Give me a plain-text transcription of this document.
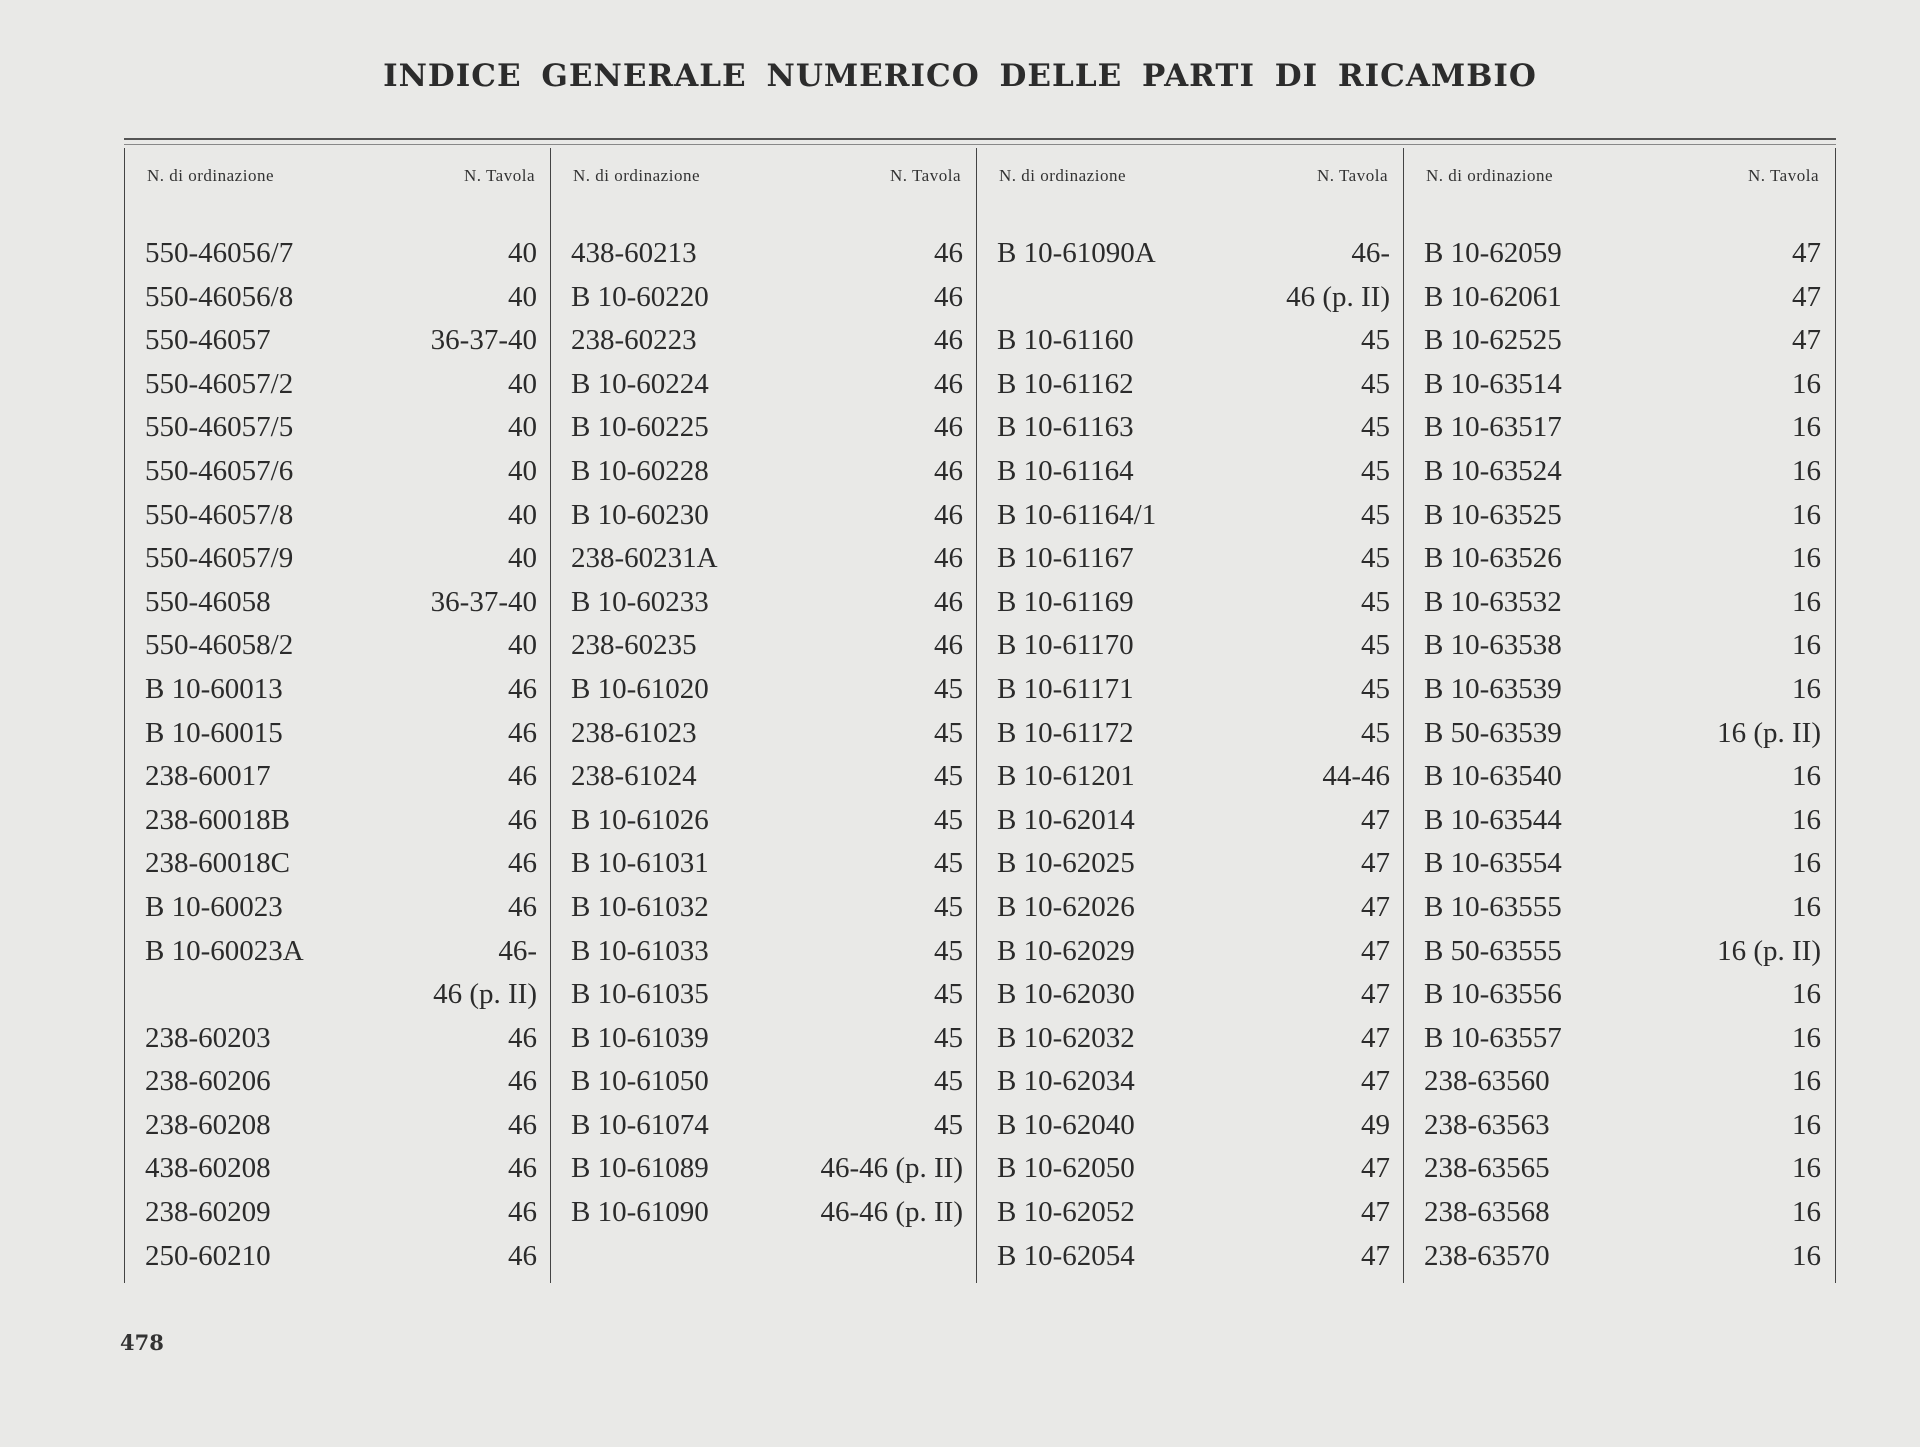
INDICE GENERALE NUMERICO DELLE PARTI DI RICAMBIO
N. di ordinazione	N. Tavola
550-46056/7	40
550-46056/8	40
550-46057	36-37-40
550-46057/2	40
550-46057/5	40
550-46057/6	40
550-46057/8	40
550-46057/9	40
550-46058	36-37-40
550-46058/2	40
B 10-60013	46
B 10-60015	46
238-60017	46
238-60018B	46
238-60018C	46
B 10-60023	46
B 10-60023A	46-
46 (p. II)
238-60203	46
238-60206	46
238-60208	46
438-60208	46
238-60209	46
250-60210	46
N. di ordinazione	N. Tavola
438-60213	46
B 10-60220	46
238-60223	46
B 10-60224	46
B 10-60225	46
B 10-60228	46
B 10-60230	46
238-60231A	46
B 10-60233	46
238-60235	46
B 10-61020	45
238-61023	45
238-61024	45
B 10-61026	45
B 10-61031	45
B 10-61032	45
B 10-61033	45
B 10-61035	45
B 10-61039	45
B 10-61050	45
B 10-61074	45
B 10-61089	46-46 (p. II)
B 10-61090	46-46 (p. II)
N. di ordinazione	N. Tavola
B 10-61090A	46-
46 (p. II)
B 10-61160	45
B 10-61162	45
B 10-61163	45
B 10-61164	45
B 10-61164/1	45
B 10-61167	45
B 10-61169	45
B 10-61170	45
B 10-61171	45
B 10-61172	45
B 10-61201	44-46
B 10-62014	47
B 10-62025	47
B 10-62026	47
B 10-62029	47
B 10-62030	47
B 10-62032	47
B 10-62034	47
B 10-62040	49
B 10-62050	47
B 10-62052	47
B 10-62054	47
N. di ordinazione	N. Tavola
B 10-62059	47
B 10-62061	47
B 10-62525	47
B 10-63514	16
B 10-63517	16
B 10-63524	16
B 10-63525	16
B 10-63526	16
B 10-63532	16
B 10-63538	16
B 10-63539	16
B 50-63539	16 (p. II)
B 10-63540	16
B 10-63544	16
B 10-63554	16
B 10-63555	16
B 50-63555	16 (p. II)
B 10-63556	16
B 10-63557	16
238-63560	16
238-63563	16
238-63565	16
238-63568	16
238-63570	16
478
